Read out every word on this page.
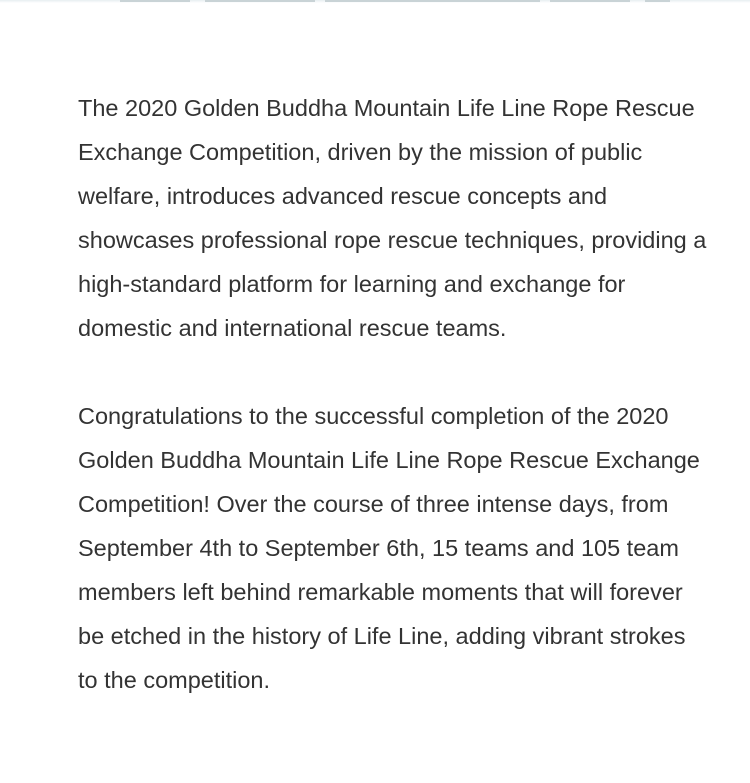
The 2020 Golden Buddha Mountain Life Line Rope Rescue Exchange Competition, driven by the mission of public welfare, introduces advanced rescue concepts and showcases professional rope rescue techniques, providing a high-standard platform for learning and exchange for domestic and international rescue teams.

Congratulations to the successful completion of the 2020 Golden Buddha Mountain Life Line Rope Rescue Exchange Competition! Over the course of three intense days, from September 4th to September 6th, 15 teams and 105 team members left behind remarkable moments that will forever be etched in the history of Life Line, adding vibrant strokes to the competition.
